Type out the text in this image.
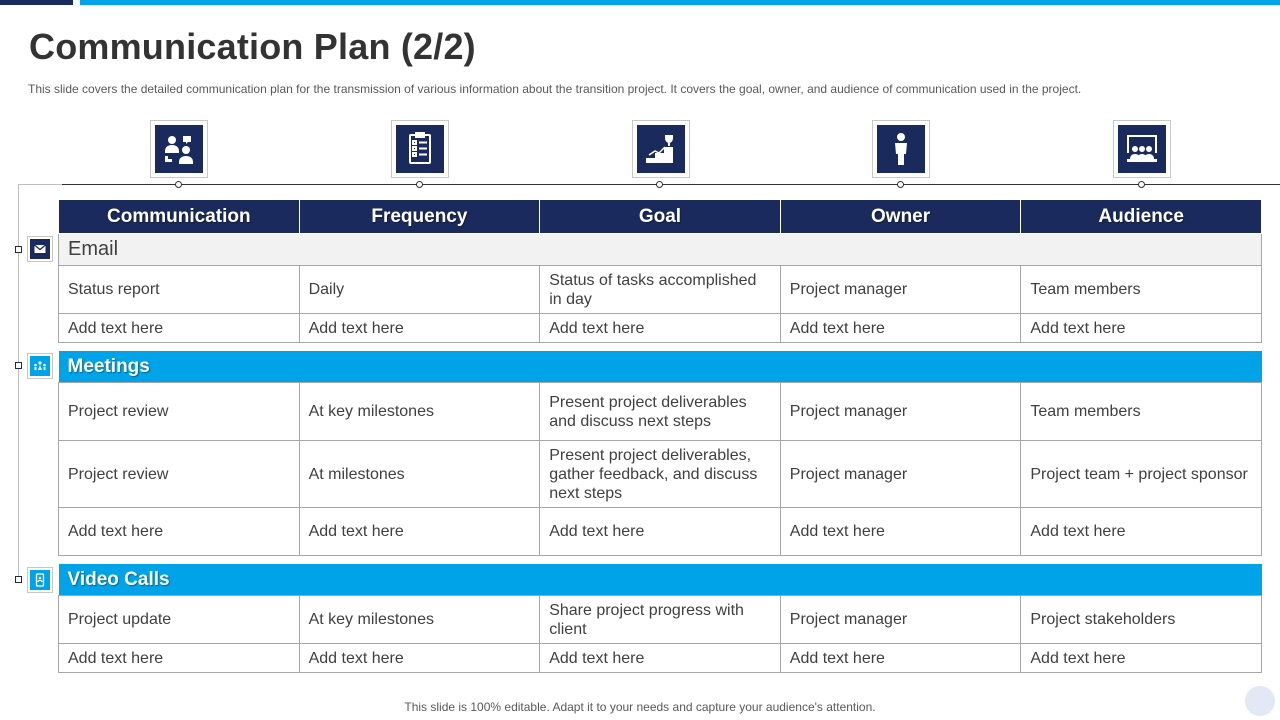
Communication Plan (2/2)
This slide covers the detailed communication plan for the transmission of various information about the transition project. It covers the goal, owner, and audience of communication used in the project.
Communication	Frequency	Goal	Owner	Audience
Email				
Status report	Daily	Status of tasks accomplished in day	Project manager	Team members
Add text here	Add text here	Add text here	Add text here	Add text here

Meetings				
Project review	At key milestones	Present project deliverables and discuss next steps	Project manager	Team members
Project review	At milestones	Present project deliverables, gather feedback, and discuss next steps	Project manager	Project team + project sponsor
Add text here	Add text here	Add text here	Add text here	Add text here

Video Calls				
Project update	At key milestones	Share project progress with client	Project manager	Project stakeholders
Add text here	Add text here	Add text here	Add text here	Add text here
This slide is 100% editable. Adapt it to your needs and capture your audience's attention.
